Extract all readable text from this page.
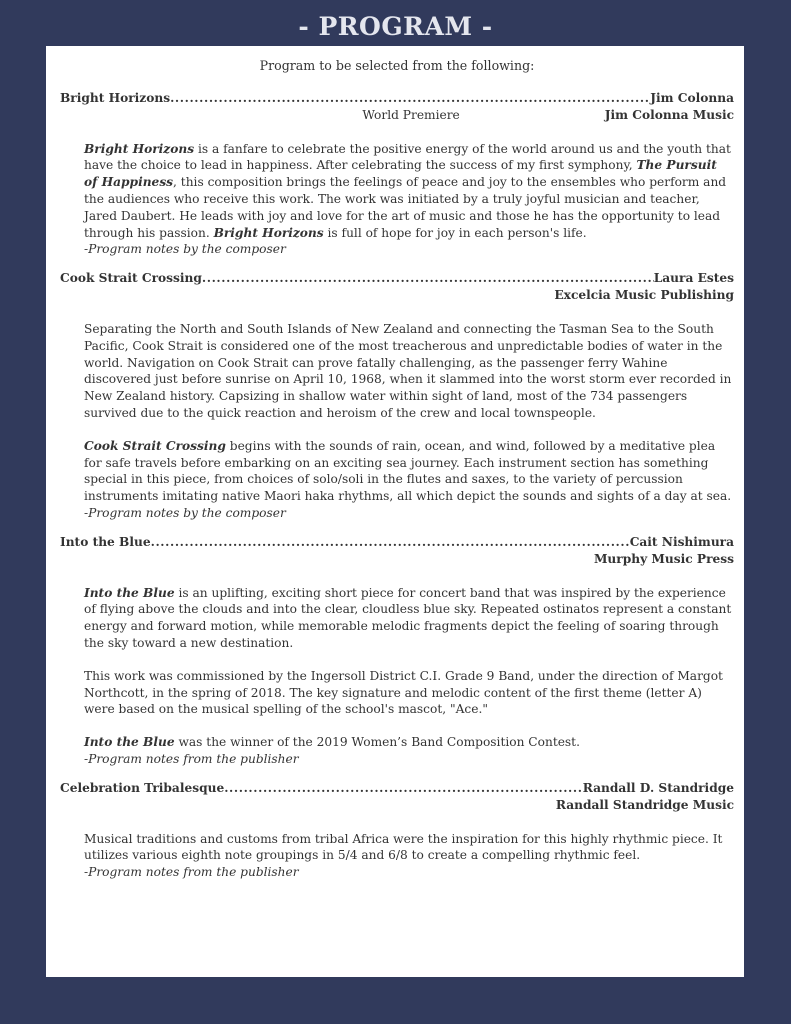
- PROGRAM -
Program to be selected from the following:
Bright Horizons .....	Jim Colonna
World Premiere	Jim Colonna Music

Bright Horizons is a fanfare to celebrate the positive energy of the world around us and the youth that have the choice to lead in happiness. After celebrating the success of my first symphony, The Pursuit of Happiness, this composition brings the feelings of peace and joy to the ensembles who perform and the audiences who receive this work. The work was initiated by a truly joyful musician and teacher, Jared Daubert. He leads with joy and love for the art of music and those he has the opportunity to lead through his passion. Bright Horizons is full of hope for joy in each person's life.

-Program notes by the composer
Cook Strait Crossing .....	Laura Estes
Excelcia Music Publishing

Separating the North and South Islands of New Zealand and connecting the Tasman Sea to the South Pacific, Cook Strait is considered one of the most treacherous and unpredictable bodies of water in the world. Navigation on Cook Strait can prove fatally challenging, as the passenger ferry Wahine discovered just before sunrise on April 10, 1968, when it slammed into the worst storm ever recorded in New Zealand history. Capsizing in shallow water within sight of land, most of the 734 passengers survived due to the quick reaction and heroism of the crew and local townspeople.

Cook Strait Crossing begins with the sounds of rain, ocean, and wind, followed by a meditative plea for safe travels before embarking on an exciting sea journey. Each instrument section has something special in this piece, from choices of solo/soli in the flutes and saxes, to the variety of percussion instruments imitating native Maori haka rhythms, all which depict the sounds and sights of a day at sea.

-Program notes by the composer
Into the Blue .....	Cait Nishimura
Murphy Music Press

Into the Blue is an uplifting, exciting short piece for concert band that was inspired by the experience of flying above the clouds and into the clear, cloudless blue sky. Repeated ostinatos represent a constant energy and forward motion, while memorable melodic fragments depict the feeling of soaring through the sky toward a new destination.

This work was commissioned by the Ingersoll District C.I. Grade 9 Band, under the direction of Margot Northcott, in the spring of 2018. The key signature and melodic content of the first theme (letter A) were based on the musical spelling of the school's mascot, "Ace."

Into the Blue was the winner of the 2019 Women’s Band Composition Contest.

-Program notes from the publisher
Celebration Tribalesque .....	Randall D. Standridge
Randall Standridge Music

Musical traditions and customs from tribal Africa were the inspiration for this highly rhythmic piece. It utilizes various eighth note groupings in 5/4 and 6/8 to create a compelling rhythmic feel.

-Program notes from the publisher
